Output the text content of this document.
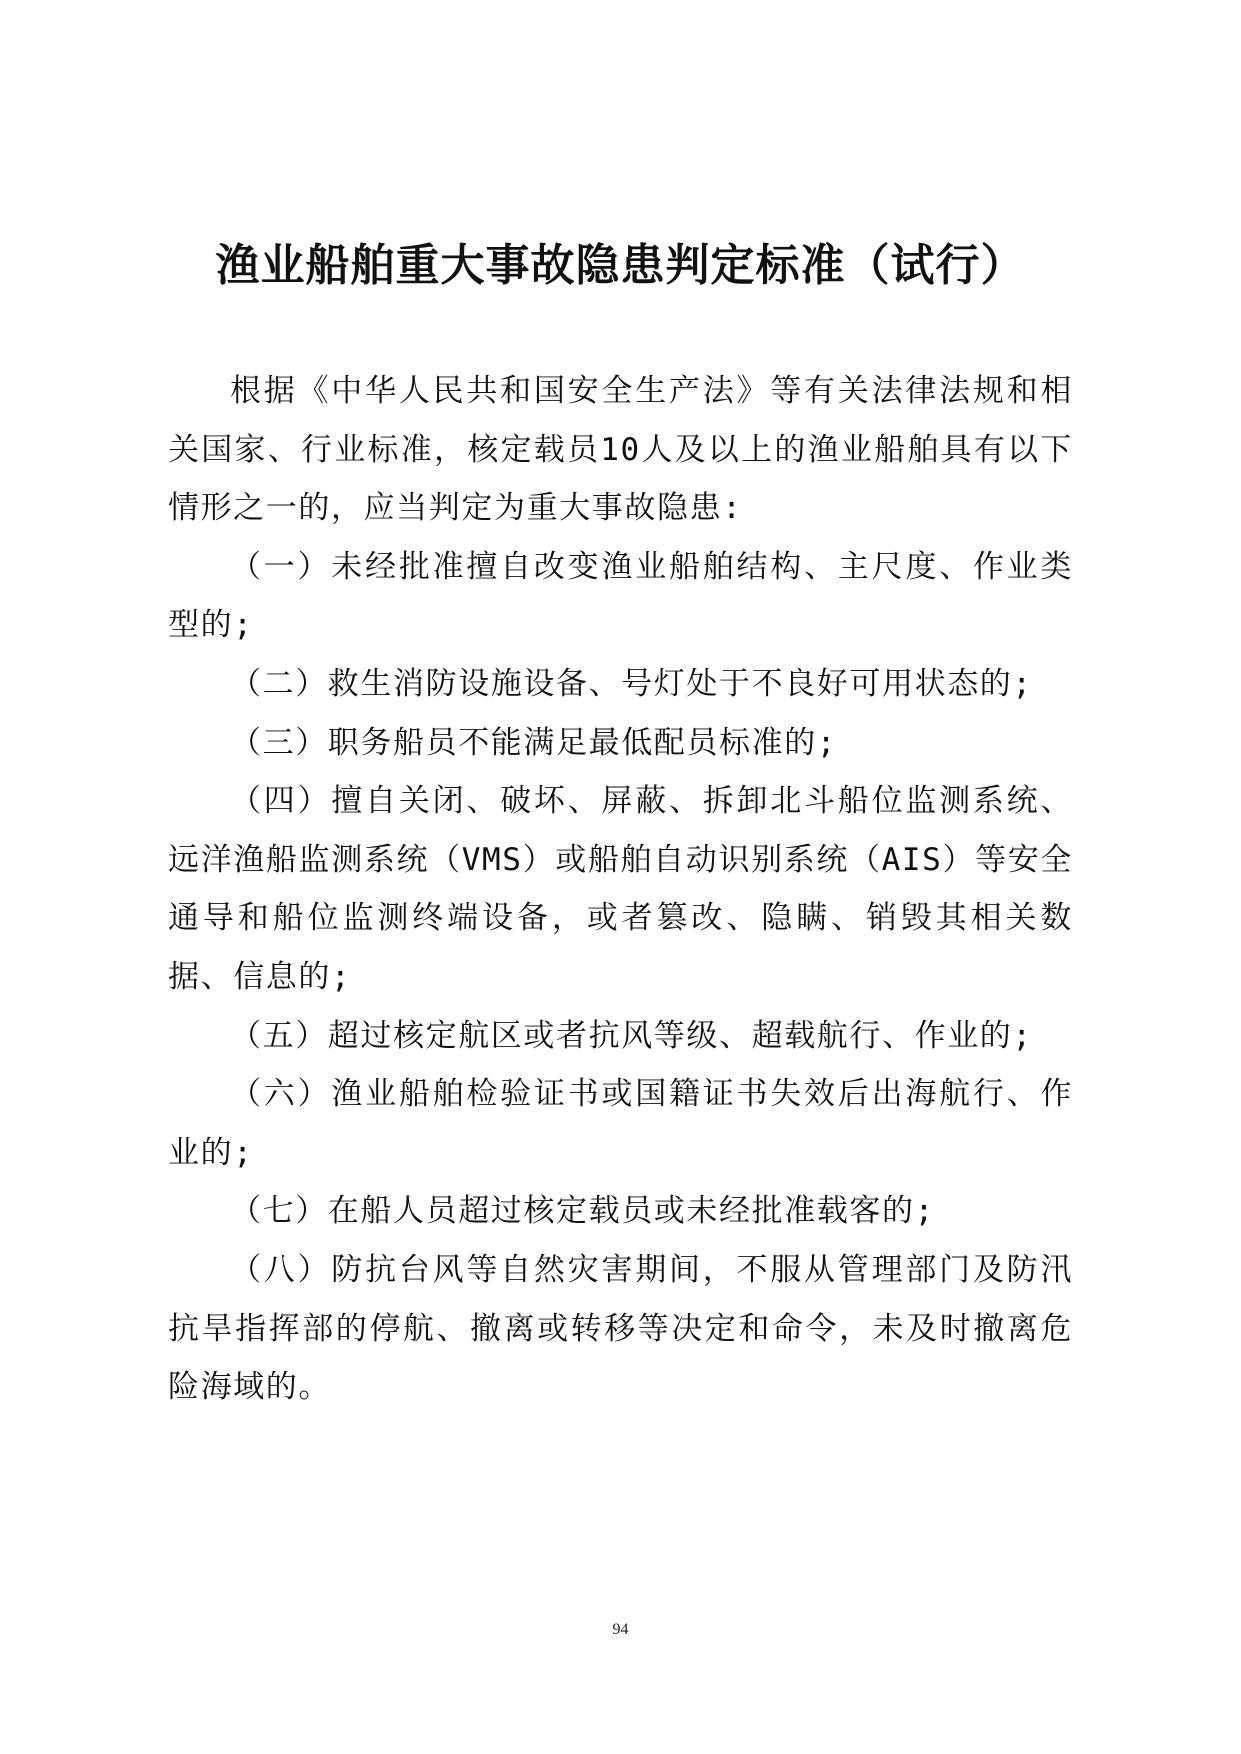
渔业船舶重大事故隐患判定标准（试行）

根据《中华人民共和国安全生产法》等有关法律法规和相关国家、行业标准，核定载员10人及以上的渔业船舶具有以下情形之一的，应当判定为重大事故隐患:

（一）未经批准擅自改变渔业船舶结构、主尺度、作业类型的;

（二）救生消防设施设备、号灯处于不良好可用状态的;

（三）职务船员不能满足最低配员标准的;

（四）擅自关闭、破坏、屏蔽、拆卸北斗船位监测系统、远洋渔船监测系统（VMS）或船舶自动识别系统（AIS）等安全通导和船位监测终端设备，或者篡改、隐瞒、销毁其相关数据、信息的;

（五）超过核定航区或者抗风等级、超载航行、作业的;

（六）渔业船舶检验证书或国籍证书失效后出海航行、作业的;

（七）在船人员超过核定载员或未经批准载客的;

（八）防抗台风等自然灾害期间，不服从管理部门及防汛抗旱指挥部的停航、撤离或转移等决定和命令，未及时撤离危险海域的。

94
